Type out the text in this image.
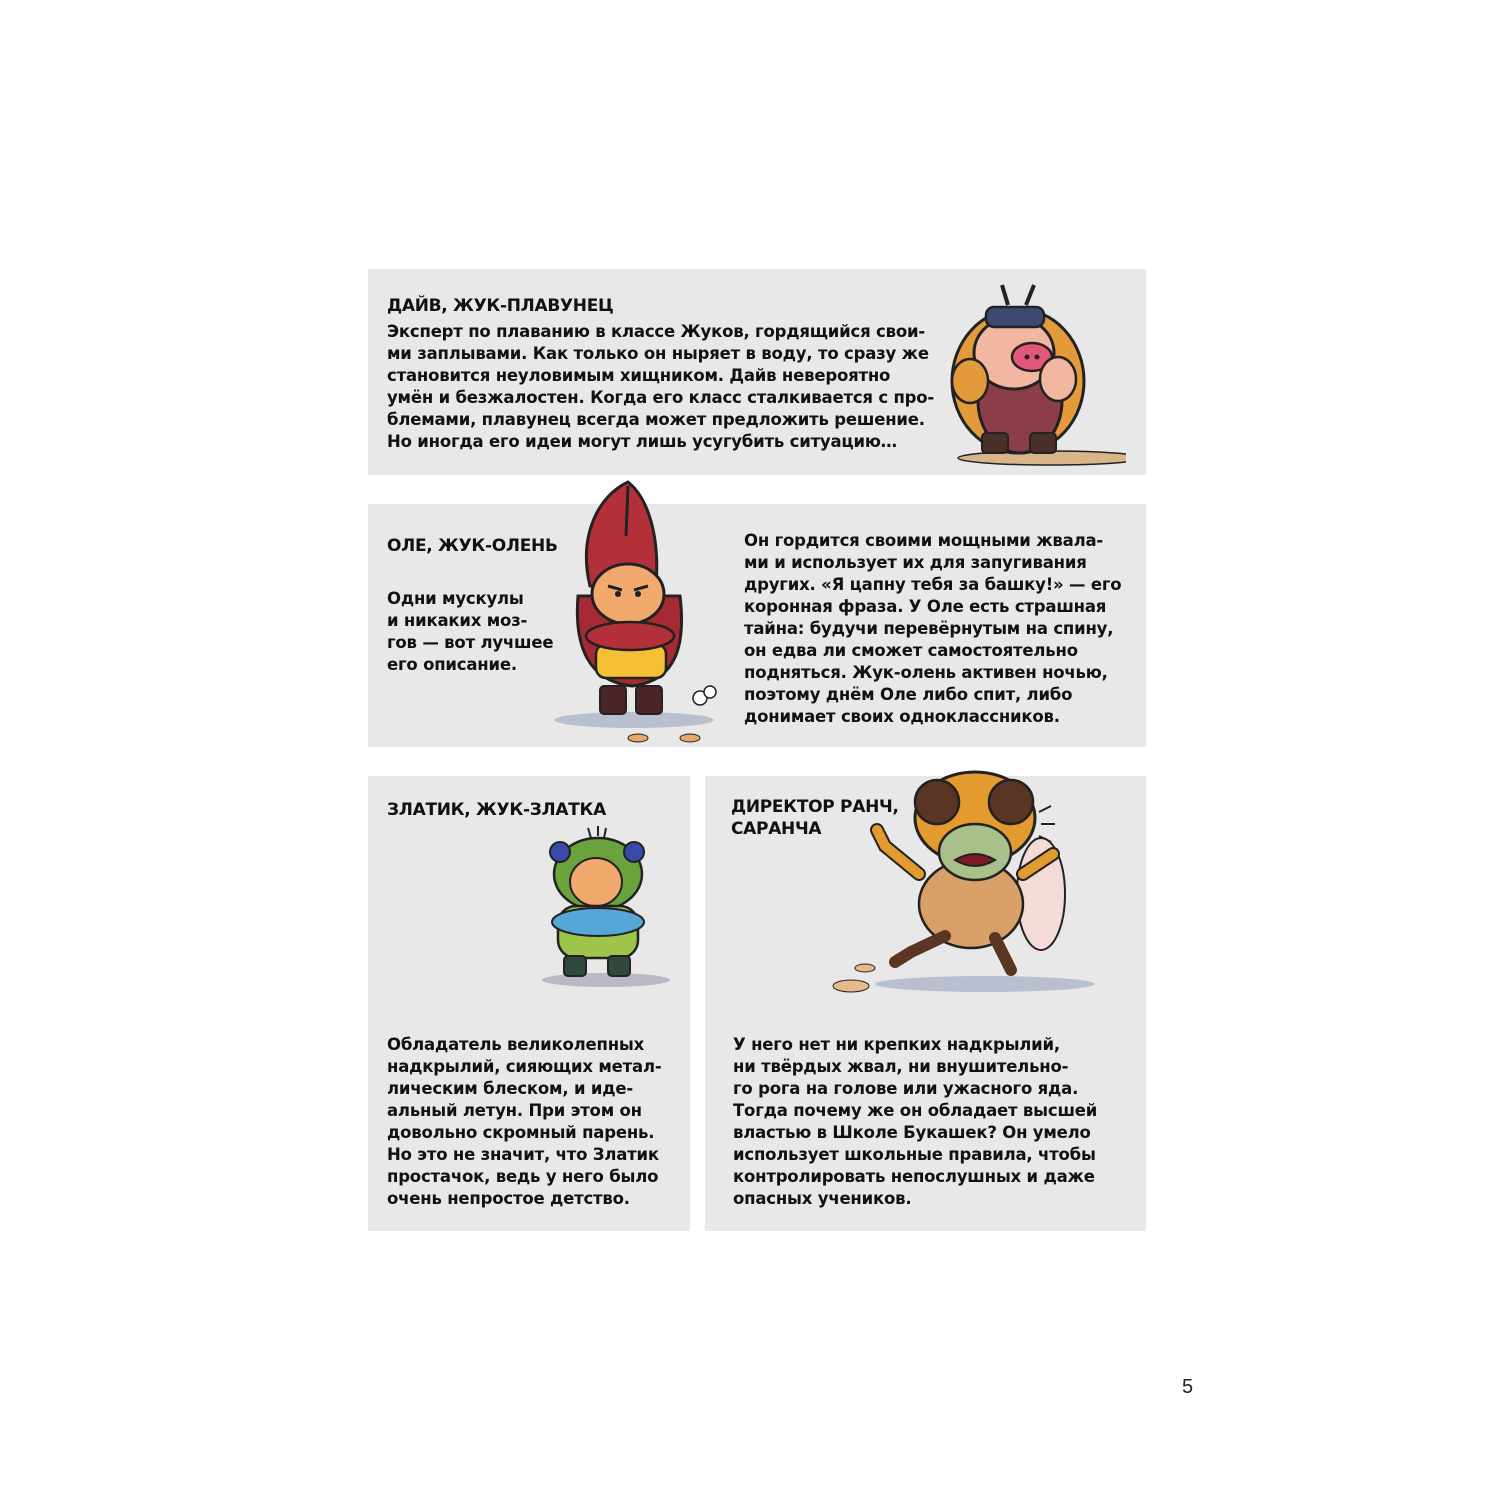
ДАЙВ, ЖУК-ПЛАВУНЕЦ
Эксперт по плаванию в классе Жуков, гордящийся свои-
ми заплывами. Как только он ныряет в воду, то сразу же
становится неуловимым хищником. Дайв невероятно
умён и безжалостен. Когда его класс сталкивается с про-
блемами, плавунец всегда может предложить решение.
Но иногда его идеи могут лишь усугубить ситуацию…
ОЛЕ, ЖУК-ОЛЕНЬ
Одни мускулы
и никаких моз-
гов — вот лучшее
его описание.
Он гордится своими мощными жвала-
ми и использует их для запугивания
других. «Я цапну тебя за башку!» — его
коронная фраза. У Оле есть страшная
тайна: будучи перевёрнутым на спину,
он едва ли сможет самостоятельно
подняться. Жук-олень активен ночью,
поэтому днём Оле либо спит, либо
донимает своих одноклассников.
ЗЛАТИК, ЖУК-ЗЛАТКА
Обладатель великолепных
надкрылий, сияющих метал-
лическим блеском, и иде-
альный летун. При этом он
довольно скромный парень.
Но это не значит, что Златик
простачок, ведь у него было
очень непростое детство.
ДИРЕКТОР РАНЧ,
САРАНЧА
У него нет ни крепких надкрылий,
ни твёрдых жвал, ни внушительно-
го рога на голове или ужасного яда.
Тогда почему же он обладает высшей
властью в Школе Букашек? Он умело
использует школьные правила, чтобы
контролировать непослушных и даже
опасных учеников.
5
